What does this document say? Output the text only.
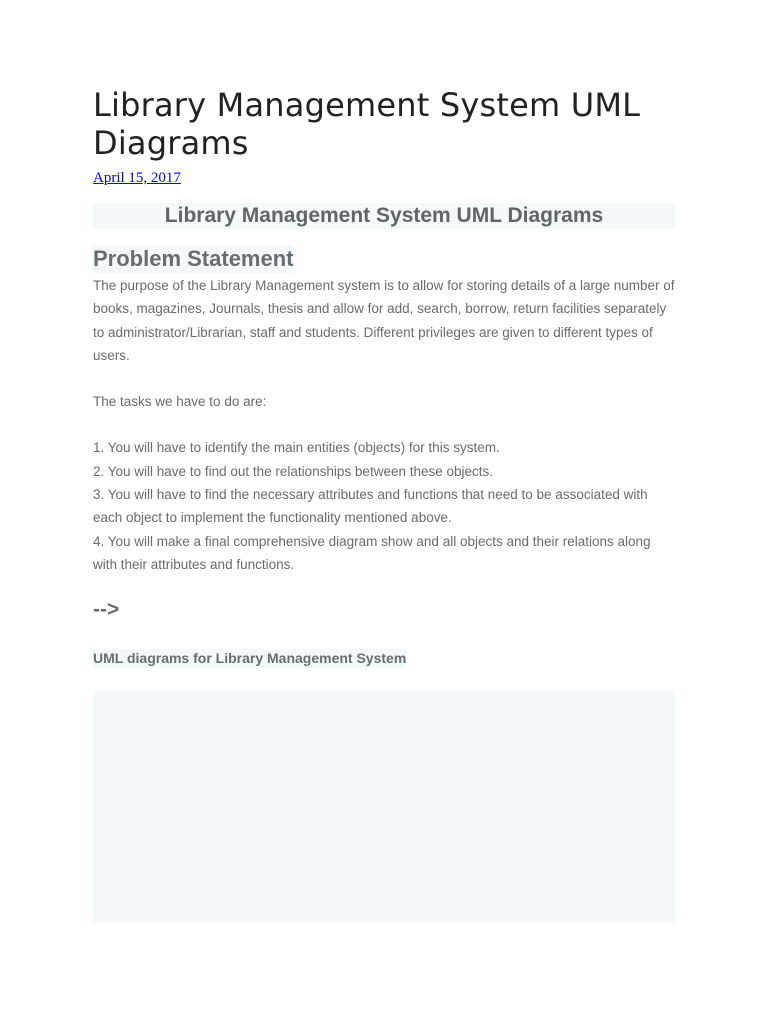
Library Management System UML Diagrams
April 15, 2017
Library Management System UML Diagrams
Problem Statement

The purpose of the Library Management system is to allow for storing details of a large number of books, magazines, Journals, thesis and allow for add, search, borrow, return facilities separately to administrator/Librarian, staff and students. Different privileges are given to different types of users.

The tasks we have to do are:

1. You will have to identify the main entities (objects) for this system.
2. You will have to find out the relationships between these objects.
3. You will have to find the necessary attributes and functions that need to be associated with each object to implement the functionality mentioned above.
4. You will make a final comprehensive diagram show and all objects and their relations along with their attributes and functions.
-->
UML diagrams for Library Management System
